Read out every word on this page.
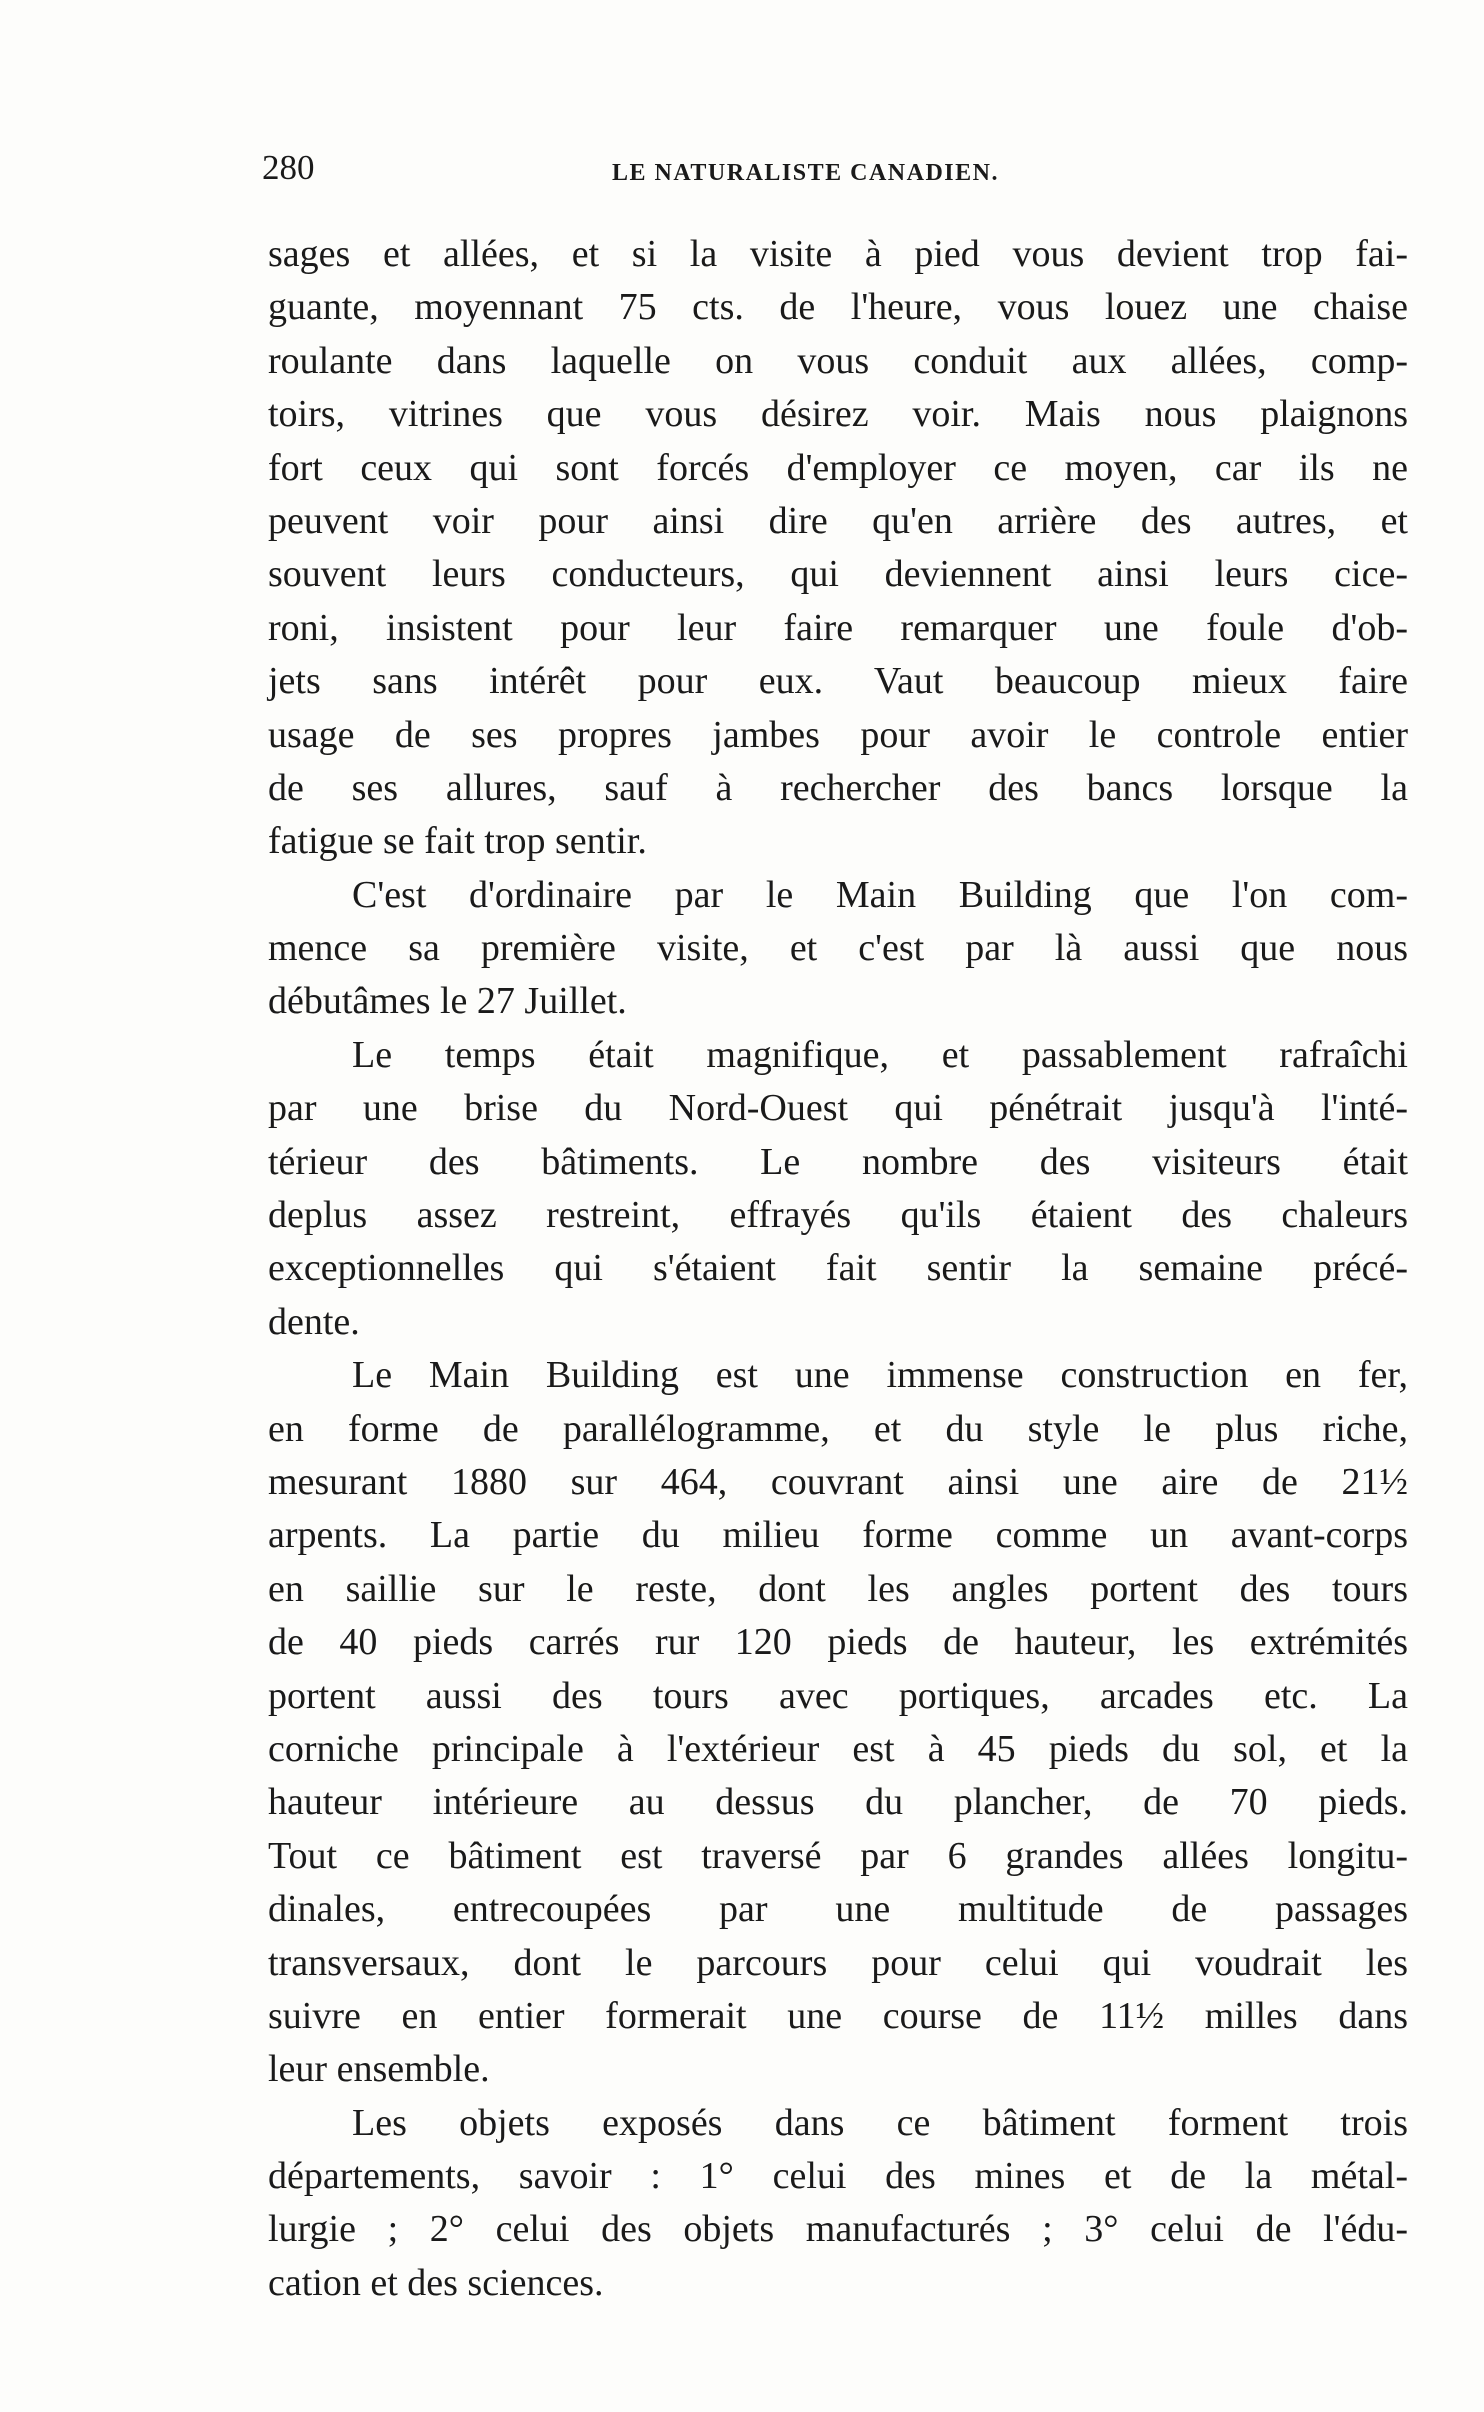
280	LE NATURALISTE CANADIEN.
sages et allées, et si la visite à pied vous devient trop fai-
guante, moyennant 75 cts. de l'heure, vous louez une chaise
roulante dans laquelle on vous conduit aux allées, comp-
toirs, vitrines que vous désirez voir. Mais nous plaignons
fort ceux qui sont forcés d'employer ce moyen, car ils ne
peuvent voir pour ainsi dire qu'en arrière des autres, et
souvent leurs conducteurs, qui deviennent ainsi leurs cice-
roni, insistent pour leur faire remarquer une foule d'ob-
jets sans intérêt pour eux. Vaut beaucoup mieux faire
usage de ses propres jambes pour avoir le controle entier
de ses allures, sauf à rechercher des bancs lorsque la
fatigue se fait trop sentir.
C'est d'ordinaire par le Main Building que l'on com-
mence sa première visite, et c'est par là aussi que nous
débutâmes le 27 Juillet.
Le temps était magnifique, et passablement rafraîchi
par une brise du Nord-Ouest qui pénétrait jusqu'à l'inté-
térieur des bâtiments. Le nombre des visiteurs était
deplus assez restreint, effrayés qu'ils étaient des chaleurs
exceptionnelles qui s'étaient fait sentir la semaine précé-
dente.
Le Main Building est une immense construction en fer,
en forme de parallélogramme, et du style le plus riche,
mesurant 1880 sur 464, couvrant ainsi une aire de 21½
arpents. La partie du milieu forme comme un avant-corps
en saillie sur le reste, dont les angles portent des tours
de 40 pieds carrés rur 120 pieds de hauteur, les extrémités
portent aussi des tours avec portiques, arcades etc. La
corniche principale à l'extérieur est à 45 pieds du sol, et la
hauteur intérieure au dessus du plancher, de 70 pieds.
Tout ce bâtiment est traversé par 6 grandes allées longitu-
dinales, entrecoupées par une multitude de passages
transversaux, dont le parcours pour celui qui voudrait les
suivre en entier formerait une course de 11½ milles dans
leur ensemble.
Les objets exposés dans ce bâtiment forment trois
départements, savoir : 1° celui des mines et de la métal-
lurgie ; 2° celui des objets manufacturés ; 3° celui de l'édu-
cation et des sciences.
